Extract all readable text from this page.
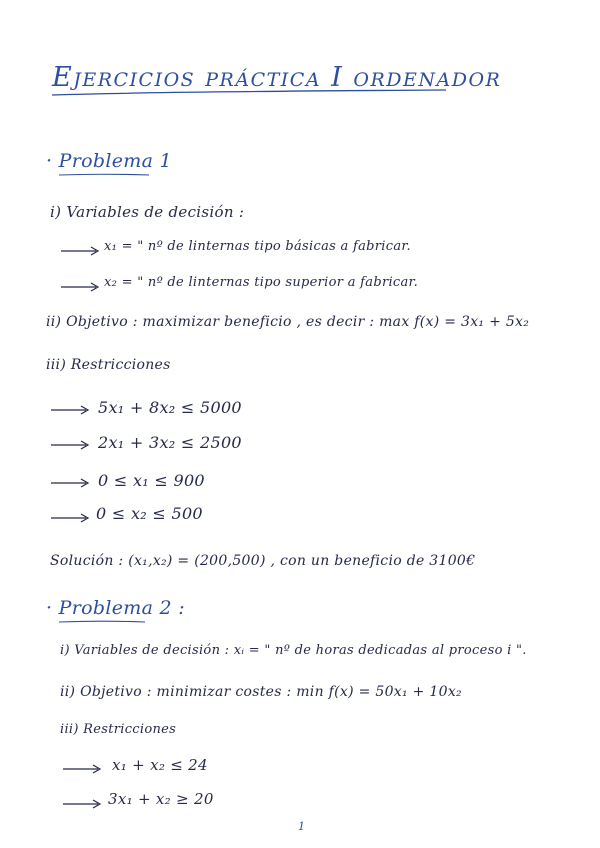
Ejercicios práctica I ordenador
· Problema 1
i) Variables de decisión :
x₁ = " nº de linternas tipo básicas a fabricar.
x₂ = " nº de linternas tipo superior a fabricar.
ii) Objetivo : maximizar beneficio , es decir : max f(x) = 3x₁ + 5x₂
iii) Restricciones
5x₁ + 8x₂ ≤ 5000
2x₁ + 3x₂ ≤ 2500
0 ≤ x₁ ≤ 900
0 ≤ x₂ ≤ 500
Solución : (x₁,x₂) = (200,500) , con un beneficio de 3100€
· Problema 2 :
i) Variables de decisión : xᵢ = " nº de horas dedicadas al proceso i ".
ii) Objetivo : minimizar costes : min f(x) = 50x₁ + 10x₂
iii) Restricciones
x₁ + x₂ ≤ 24
3x₁ + x₂ ≥ 20
1
